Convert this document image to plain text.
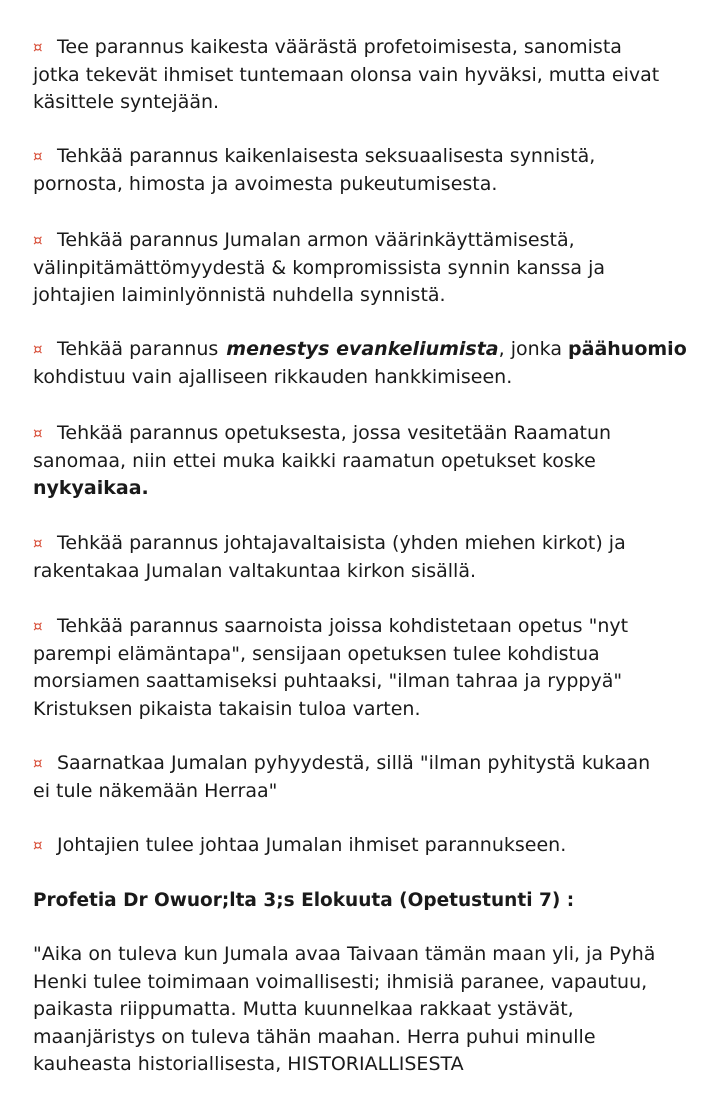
¤ Tee parannus kaikesta väärästä profetoimisesta, sanomista

jotka tekevät ihmiset tuntemaan olonsa vain hyväksi, mutta eivat

käsittele syntejään.

¤ Tehkää parannus kaikenlaisesta seksuaalisesta synnistä,

pornosta, himosta ja avoimesta pukeutumisesta.

¤ Tehkää parannus Jumalan armon väärinkäyttämisestä,

välinpitämättömyydestä & kompromissista synnin kanssa ja

johtajien laiminlyönnistä nuhdella synnistä.

¤ Tehkää parannus menestys evankeliumista, jonka päähuomio

kohdistuu vain ajalliseen rikkauden hankkimiseen.

¤ Tehkää parannus opetuksesta, jossa vesitetään Raamatun

sanomaa, niin ettei muka kaikki raamatun opetukset koske

nykyaikaa.

¤ Tehkää parannus johtajavaltaisista (yhden miehen kirkot) ja

rakentakaa Jumalan valtakuntaa kirkon sisällä.

¤ Tehkää parannus saarnoista joissa kohdistetaan opetus "nyt

parempi elämäntapa", sensijaan opetuksen tulee kohdistua

morsiamen saattamiseksi puhtaaksi, "ilman tahraa ja ryppyä"

Kristuksen pikaista takaisin tuloa varten.

¤ Saarnatkaa Jumalan pyhyydestä, sillä "ilman pyhitystä kukaan

ei tule näkemään Herraa"

¤ Johtajien tulee johtaa Jumalan ihmiset parannukseen.

Profetia Dr Owuor;lta 3;s Elokuuta (Opetustunti 7) :

"Aika on tuleva kun Jumala avaa Taivaan tämän maan yli, ja Pyhä

Henki tulee toimimaan voimallisesti; ihmisiä paranee, vapautuu,

paikasta riippumatta. Mutta kuunnelkaa rakkaat ystävät,

maanjäristys on tuleva tähän maahan. Herra puhui minulle

kauheasta historiallisesta, HISTORIALLISESTA
